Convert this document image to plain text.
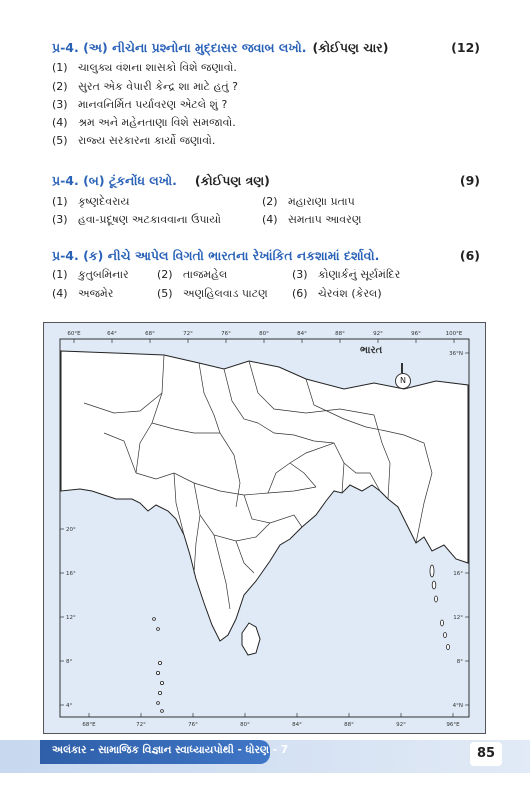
પ્ર-4. (અ) નીચેના પ્રશ્નોના મુદ્દાસર જવાબ લખો. (કોઈપણ ચાર)	(12)
(1) ચાલુક્ય વંશના શાસકો વિશે જણાવો.
(2) સુરત એક વેપારી કેન્દ્ર શા માટે હતું ?
(3) માનવનિર્મિત પર્યાવરણ એટલે શું ?
(4) શ્રમ અને મહેનતાણા વિશે સમજાવો.
(5) રાજ્ય સરકારના કાર્યો જણાવો.
પ્ર-4. (બ) ટૂંકનોંધ લખો. (કોઈપણ ત્રણ)	(9)
(1) કૃષ્ણદેવરાય	(2) મહારાણા પ્રતાપ
(3) હવા-પ્રદૂષણ અટકાવવાના ઉપાયો	(4) સમતાપ આવરણ
પ્ર-4. (ક) નીચે આપેલ વિગતો ભારતના રેખાંકિત નકશામાં દર્શાવો.	(6)
(1) કુતુબમિનાર	(2) તાજમહેલ	(3) કોણાર્કનું સૂર્યમંદિર
(4) અજમેર	(5) અણહિલવાડ પાટણ (6) ચેરવંશ (કેરલ)
60°E	64°	68°	72°	76°	80°	84°	88°	92°	96°	100°E
68°E	72°	76°	80°	84°	88°	92°	96°E
20°
16°
12°
8°
4°
36°N
16°
12°
8°
4°N
ભારત
N
અલંકાર - સામાજિક વિજ્ઞાન સ્વાધ્યાયપોથી - ધોરણ - 7	85
